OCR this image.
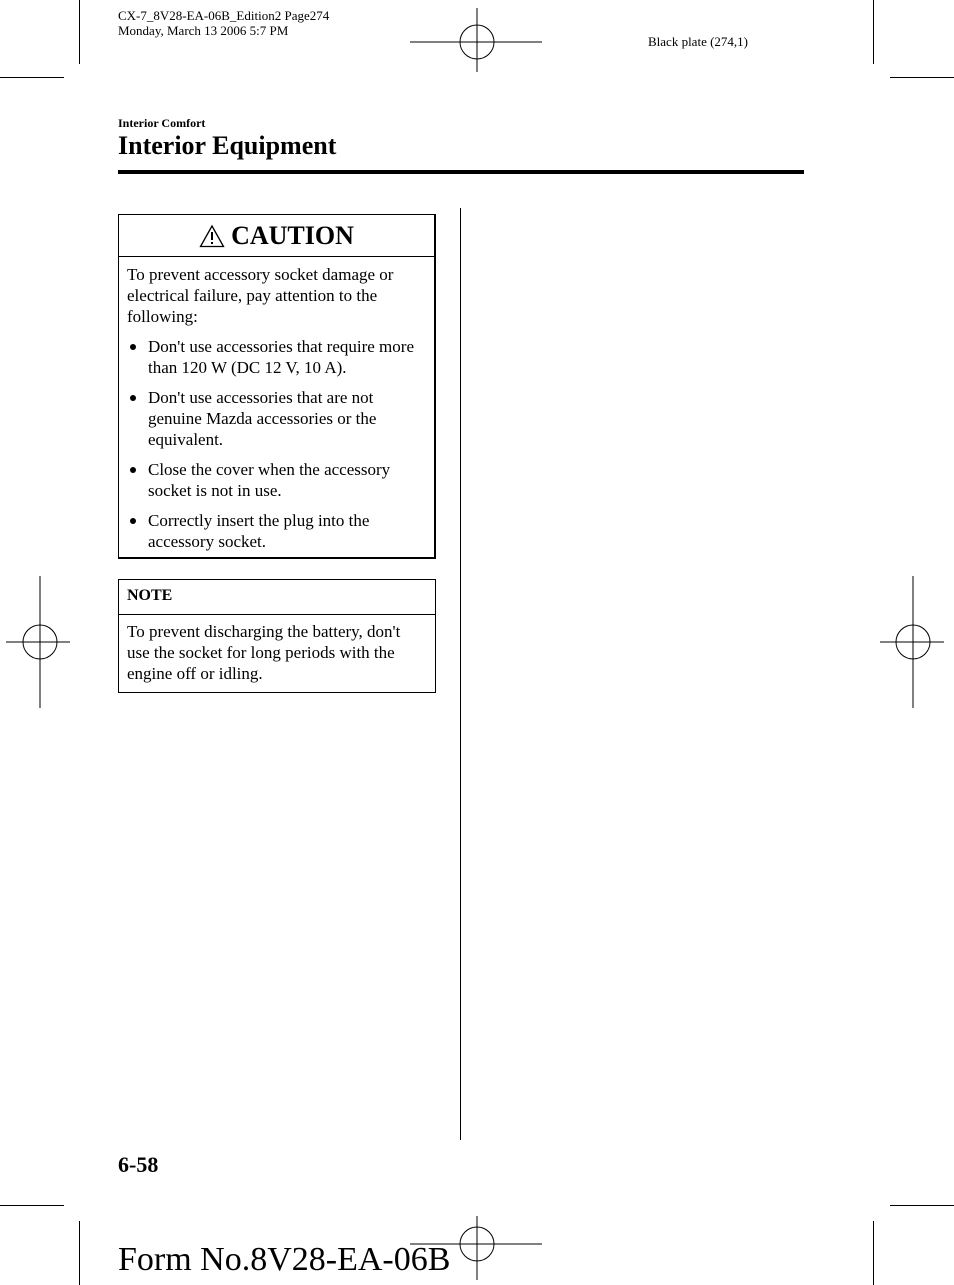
CX-7_8V28-EA-06B_Edition2 Page274
Monday, March 13 2006 5:7 PM
Black plate (274,1)
Interior Comfort
Interior Equipment
CAUTION

To prevent accessory socket damage or electrical failure, pay attention to the following:

Don't use accessories that require more than 120 W (DC 12 V, 10 A).
Don't use accessories that are not genuine Mazda accessories or the equivalent.
Close the cover when the accessory socket is not in use.
Correctly insert the plug into the accessory socket.
NOTE
To prevent discharging the battery, don't use the socket for long periods with the engine off or idling.
6-58
Form No.8V28-EA-06B
